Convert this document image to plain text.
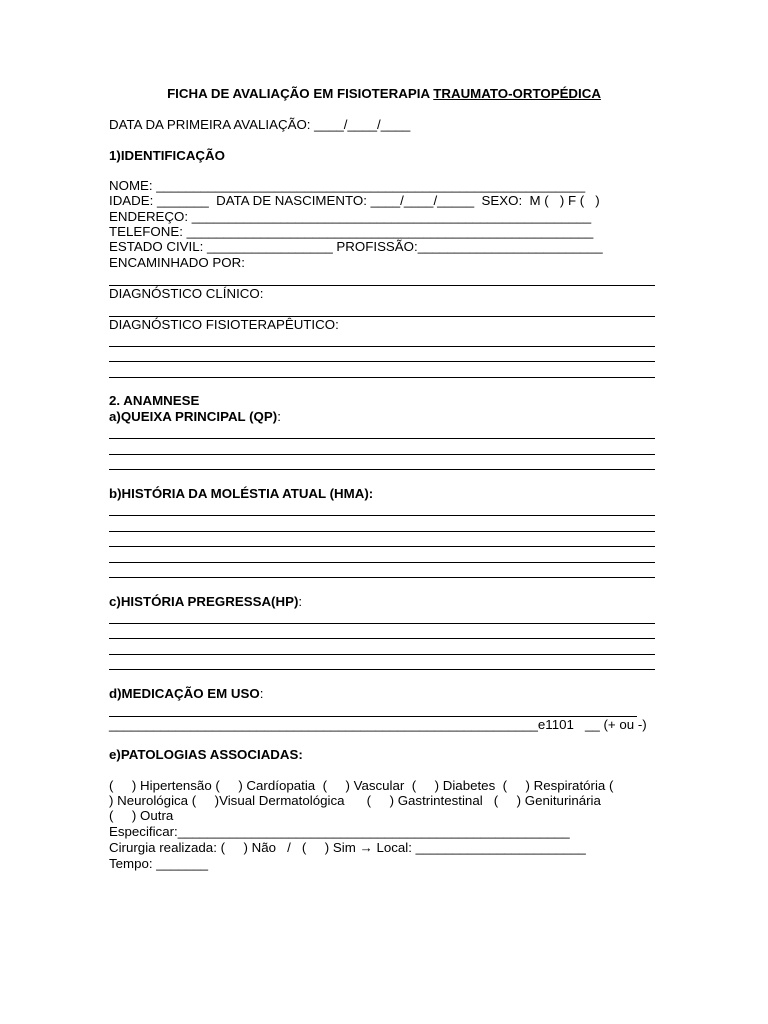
FICHA DE AVALIAÇÃO EM FISIOTERAPIA TRAUMATO-ORTOPÉDICA
DATA DA PRIMEIRA AVALIAÇÃO: ____/____/____
1)IDENTIFICAÇÃO
NOME: __________________________________________________________
IDADE: _______  DATA DE NASCIMENTO: ____/____/_____  SEXO:  M (   ) F (   )
ENDEREÇO: ______________________________________________________
TELEFONE: _______________________________________________________
ESTADO CIVIL: _________________ PROFISSÃO:_________________________
ENCAMINHADO POR:
DIAGNÓSTICO CLÍNICO:
DIAGNÓSTICO FISIOTERAPÊUTICO:
2. ANAMNESE
a)QUEIXA PRINCIPAL (QP):
b)HISTÓRIA DA MOLÉSTIA ATUAL (HMA):
c)HISTÓRIA PREGRESSA(HP):
d)MEDICAÇÃO EM USO:
__________________________________________________________e1101   __ (+ ou -)
e)PATOLOGIAS ASSOCIADAS:
(     ) Hipertensão (     ) Cardíopatia  (     ) Vascular  (     ) Diabetes  (     ) Respiratória (
) Neurológica (     )Visual Dermatológica      (     ) Gastrintestinal   (     ) Geniturinária
(     ) Outra
Especificar:_____________________________________________________
Cirurgia realizada: (     ) Não   /   (     ) Sim → Local: _______________________
Tempo: _______
